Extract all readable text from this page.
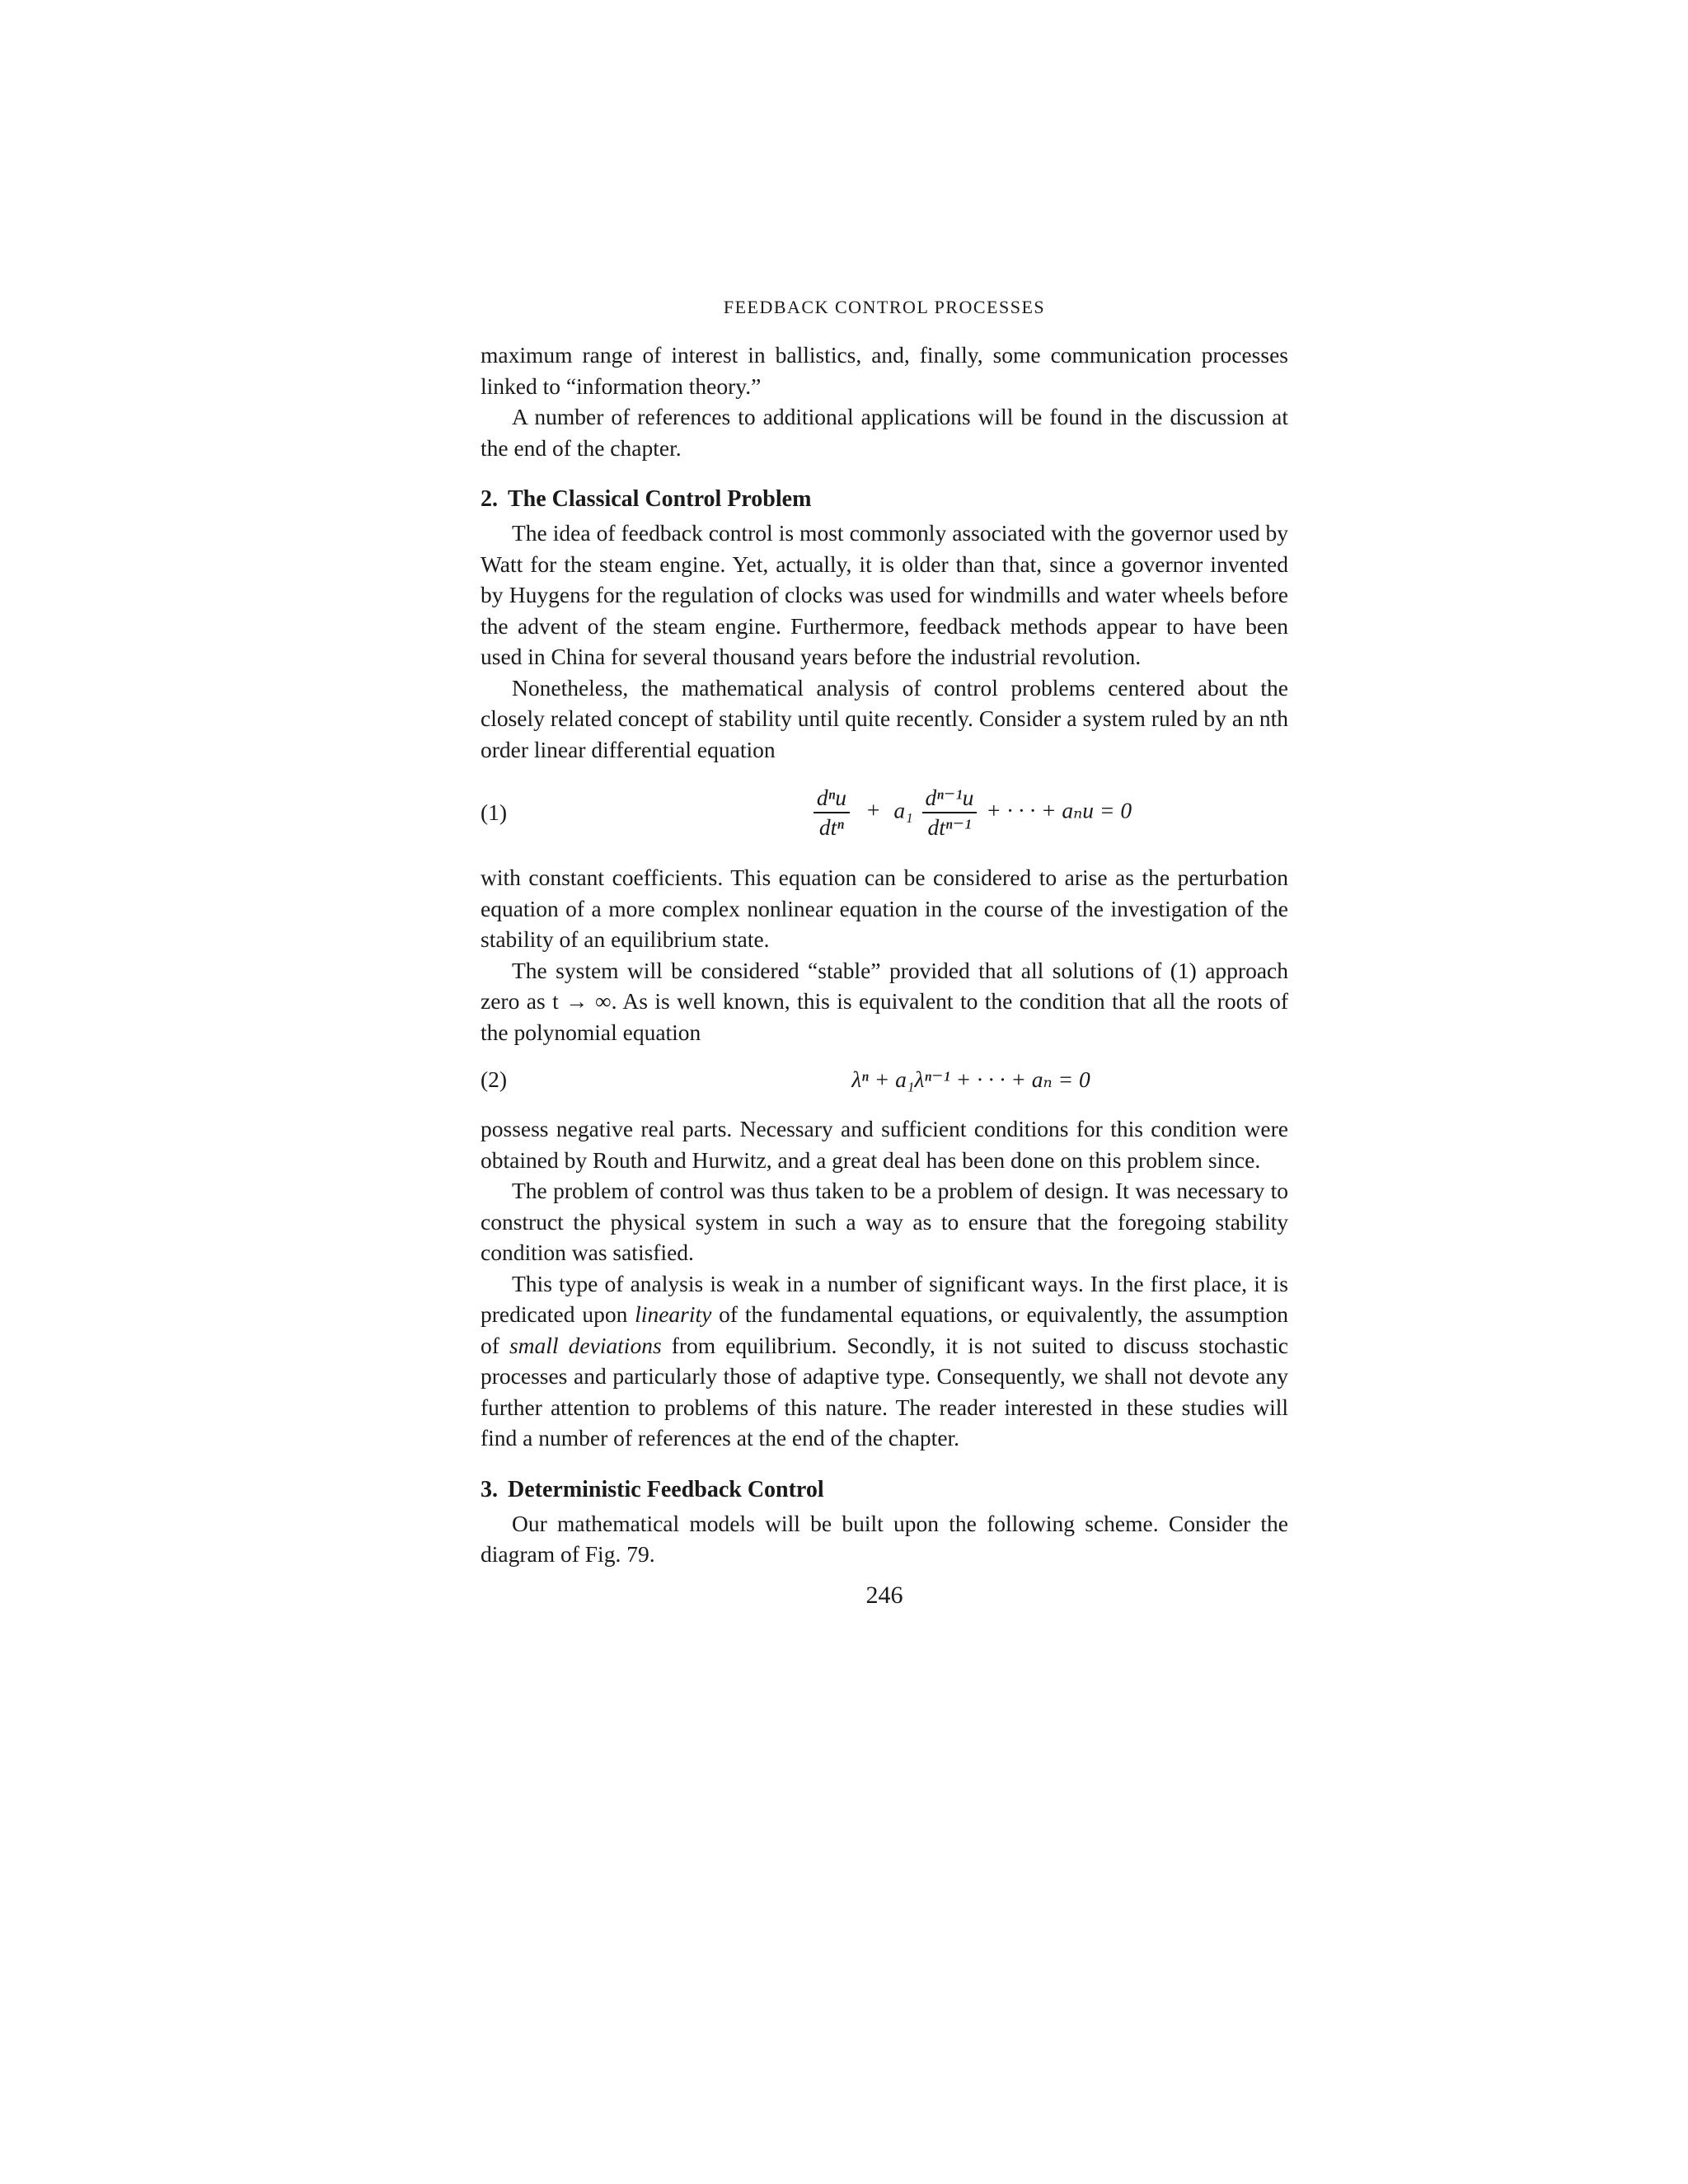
FEEDBACK CONTROL PROCESSES

maximum range of interest in ballistics, and, finally, some communication processes linked to “information theory.”

A number of references to additional applications will be found in the discussion at the end of the chapter.

2. The Classical Control Problem

The idea of feedback control is most commonly associated with the governor used by Watt for the steam engine. Yet, actually, it is older than that, since a governor invented by Huygens for the regulation of clocks was used for windmills and water wheels before the advent of the steam engine. Furthermore, feedback methods appear to have been used in China for several thousand years before the industrial revolution.

Nonetheless, the mathematical analysis of control problems centered about the closely related concept of stability until quite recently. Consider a system ruled by an nth order linear differential equation

(1)	$\frac{\text{dⁿu}}{\text{dtⁿ}} + a_1 \frac{\text{dⁿ⁻¹u}}{\text{dtⁿ⁻¹}}$ + · · · + aₙu = 0

with constant coefficients. This equation can be considered to arise as the perturbation equation of a more complex nonlinear equation in the course of the investigation of the stability of an equilibrium state.

The system will be considered “stable” provided that all solutions of (1) approach zero as t → ∞. As is well known, this is equivalent to the condition that all the roots of the polynomial equation

(2)	λⁿ + a₁λⁿ⁻¹ + · · · + aₙ = 0

possess negative real parts. Necessary and sufficient conditions for this condition were obtained by Routh and Hurwitz, and a great deal has been done on this problem since.

The problem of control was thus taken to be a problem of design. It was necessary to construct the physical system in such a way as to ensure that the foregoing stability condition was satisfied.

This type of analysis is weak in a number of significant ways. In the first place, it is predicated upon linearity of the fundamental equations, or equivalently, the assumption of small deviations from equilibrium. Secondly, it is not suited to discuss stochastic processes and particularly those of adaptive type. Consequently, we shall not devote any further attention to problems of this nature. The reader interested in these studies will find a number of references at the end of the chapter.

3. Deterministic Feedback Control

Our mathematical models will be built upon the following scheme. Consider the diagram of Fig. 79.

246
